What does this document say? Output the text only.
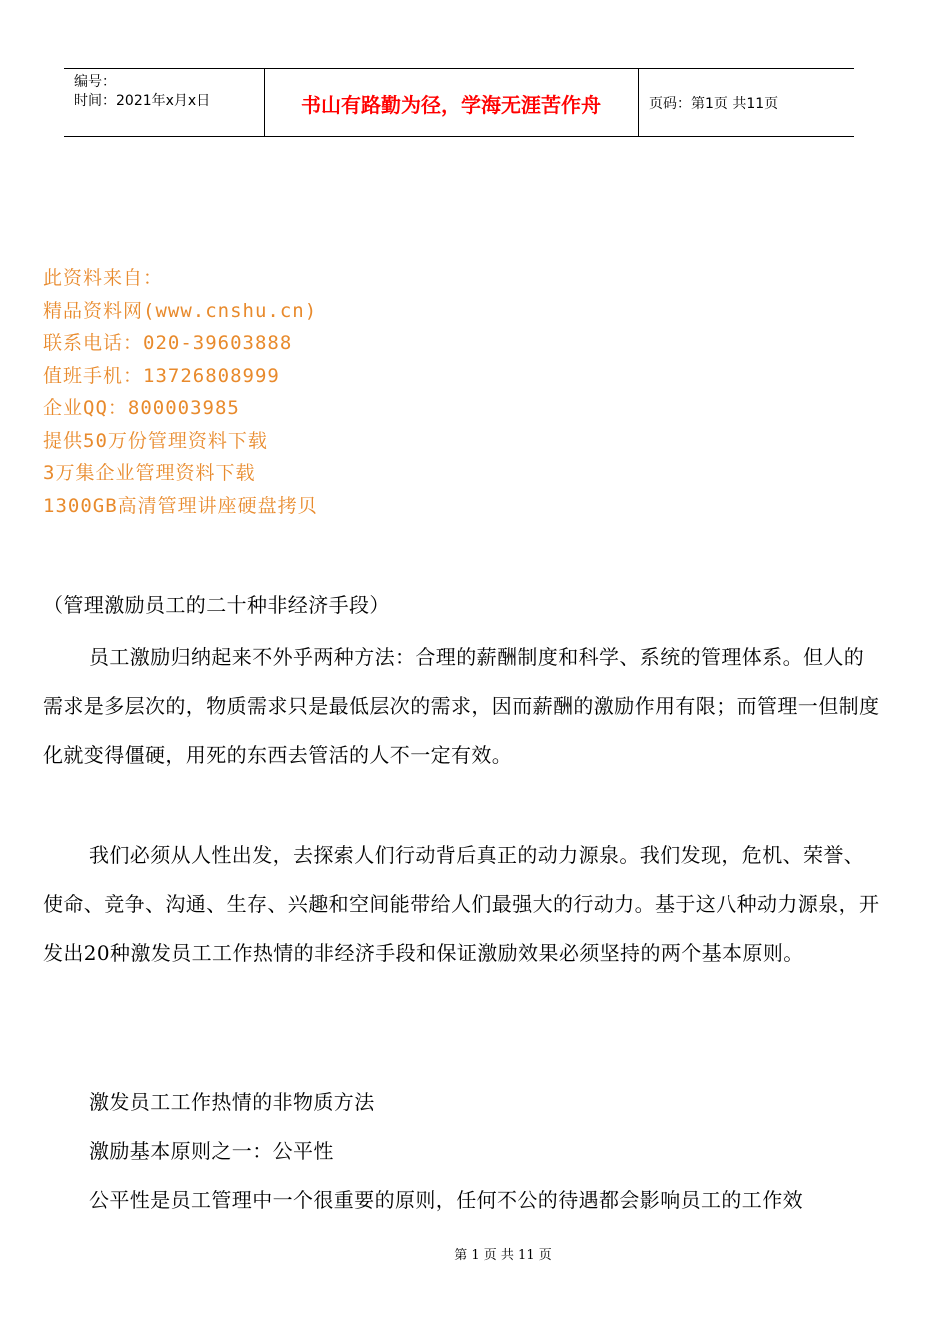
编号：
时间：2021年x月x日	书山有路勤为径，学海无涯苦作舟	页码：第1页 共11页
此资料来自：
精品资料网(www.cnshu.cn)
联系电话：020-39603888
值班手机：13726808999
企业QQ：800003985
提供50万份管理资料下载
3万集企业管理资料下载
1300GB高清管理讲座硬盘拷贝
（管理激励员工的二十种非经济手段）
员工激励归纳起来不外乎两种方法：合理的薪酬制度和科学、系统的管理体系。但人的需求是多层次的，物质需求只是最低层次的需求，因而薪酬的激励作用有限；而管理一但制度化就变得僵硬，用死的东西去管活的人不一定有效。
我们必须从人性出发，去探索人们行动背后真正的动力源泉。我们发现，危机、荣誉、使命、竞争、沟通、生存、兴趣和空间能带给人们最强大的行动力。基于这八种动力源泉，开发出20种激发员工工作热情的非经济手段和保证激励效果必须坚持的两个基本原则。
激发员工工作热情的非物质方法
激励基本原则之一：公平性
公平性是员工管理中一个很重要的原则，任何不公的待遇都会影响员工的工作效
第 1 页 共 11 页
